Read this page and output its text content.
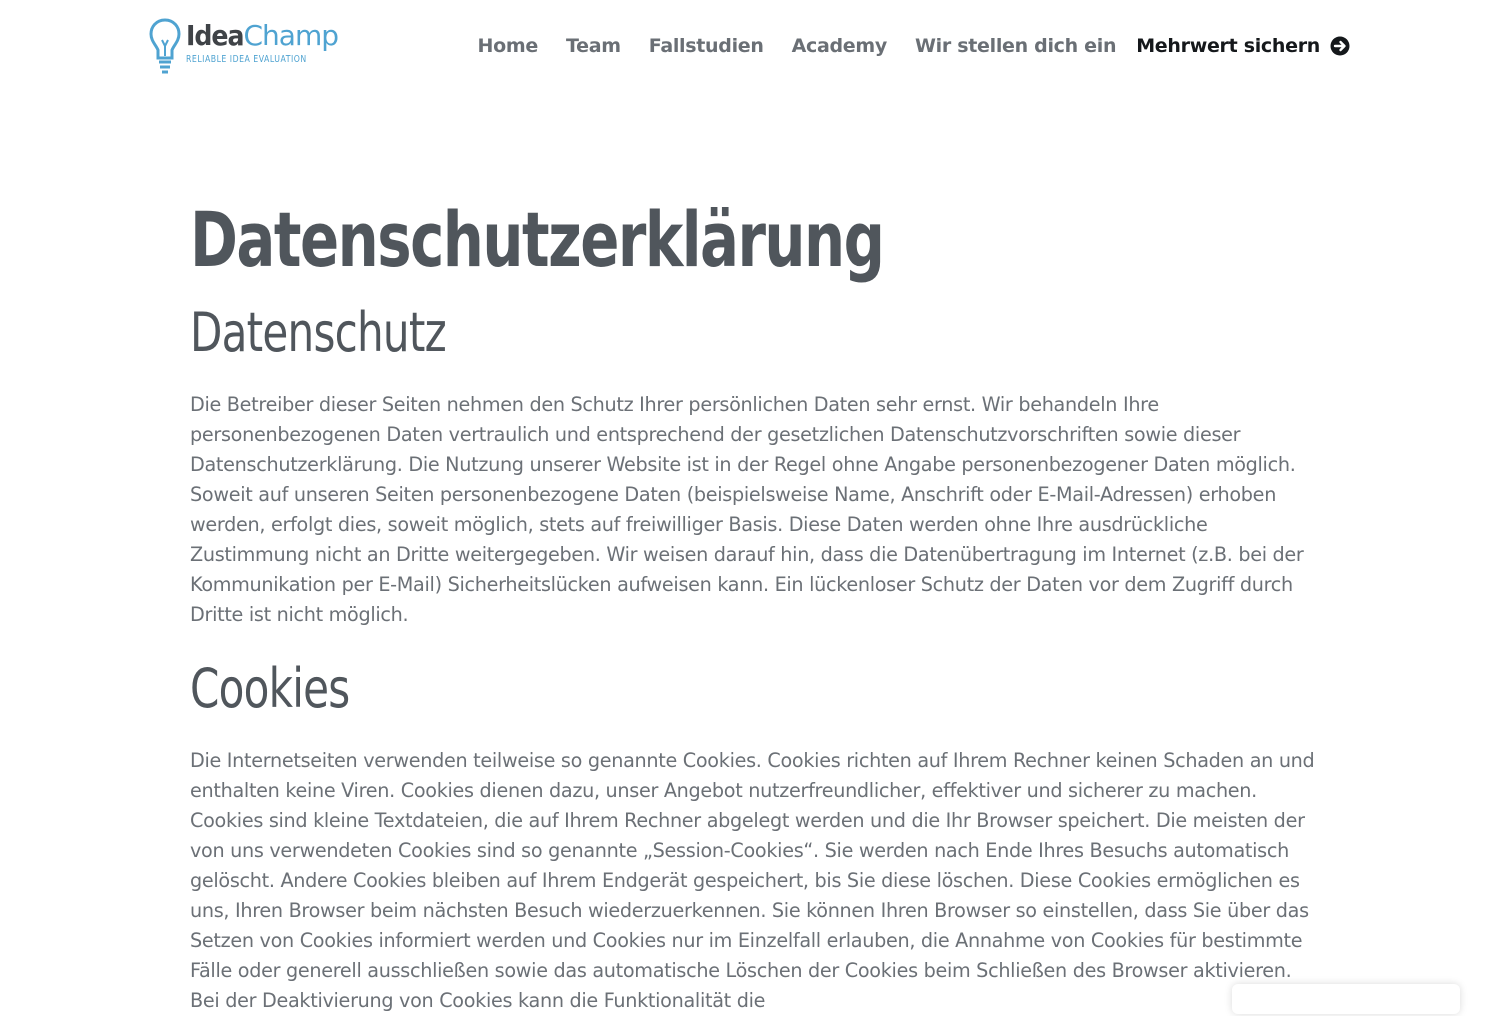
IdeaChamp
RELIABLE IDEA EVALUATION
Home Team Fallstudien Academy Wir stellen dich ein Mehrwert sichern
Datenschutzerklärung
Datenschutz

Die Betreiber dieser Seiten nehmen den Schutz Ihrer persönlichen Daten sehr ernst. Wir behandeln Ihre personenbezogenen Daten vertraulich und entsprechend der gesetzlichen Datenschutzvorschriften sowie dieser Datenschutzerklärung. Die Nutzung unserer Website ist in der Regel ohne Angabe personenbezogener Daten möglich. Soweit auf unseren Seiten personenbezogene Daten (beispielsweise Name, Anschrift oder E-Mail-Adressen) erhoben werden, erfolgt dies, soweit möglich, stets auf freiwilliger Basis. Diese Daten werden ohne Ihre ausdrückliche Zustimmung nicht an Dritte weitergegeben. Wir weisen darauf hin, dass die Datenübertragung im Internet (z.B. bei der Kommunikation per E-Mail) Sicherheitslücken aufweisen kann. Ein lückenloser Schutz der Daten vor dem Zugriff durch Dritte ist nicht möglich.

Cookies

Die Internetseiten verwenden teilweise so genannte Cookies. Cookies richten auf Ihrem Rechner keinen Schaden an und enthalten keine Viren. Cookies dienen dazu, unser Angebot nutzerfreundlicher, effektiver und sicherer zu machen. Cookies sind kleine Textdateien, die auf Ihrem Rechner abgelegt werden und die Ihr Browser speichert. Die meisten der von uns verwendeten Cookies sind so genannte „Session-Cookies“. Sie werden nach Ende Ihres Besuchs automatisch gelöscht. Andere Cookies bleiben auf Ihrem Endgerät gespeichert, bis Sie diese löschen. Diese Cookies ermöglichen es uns, Ihren Browser beim nächsten Besuch wiederzuerkennen. Sie können Ihren Browser so einstellen, dass Sie über das Setzen von Cookies informiert werden und Cookies nur im Einzelfall erlauben, die Annahme von Cookies für bestimmte Fälle oder generell ausschließen sowie das automatische Löschen der Cookies beim Schließen des Browser aktivieren. Bei der Deaktivierung von Cookies kann die Funktionalität die
